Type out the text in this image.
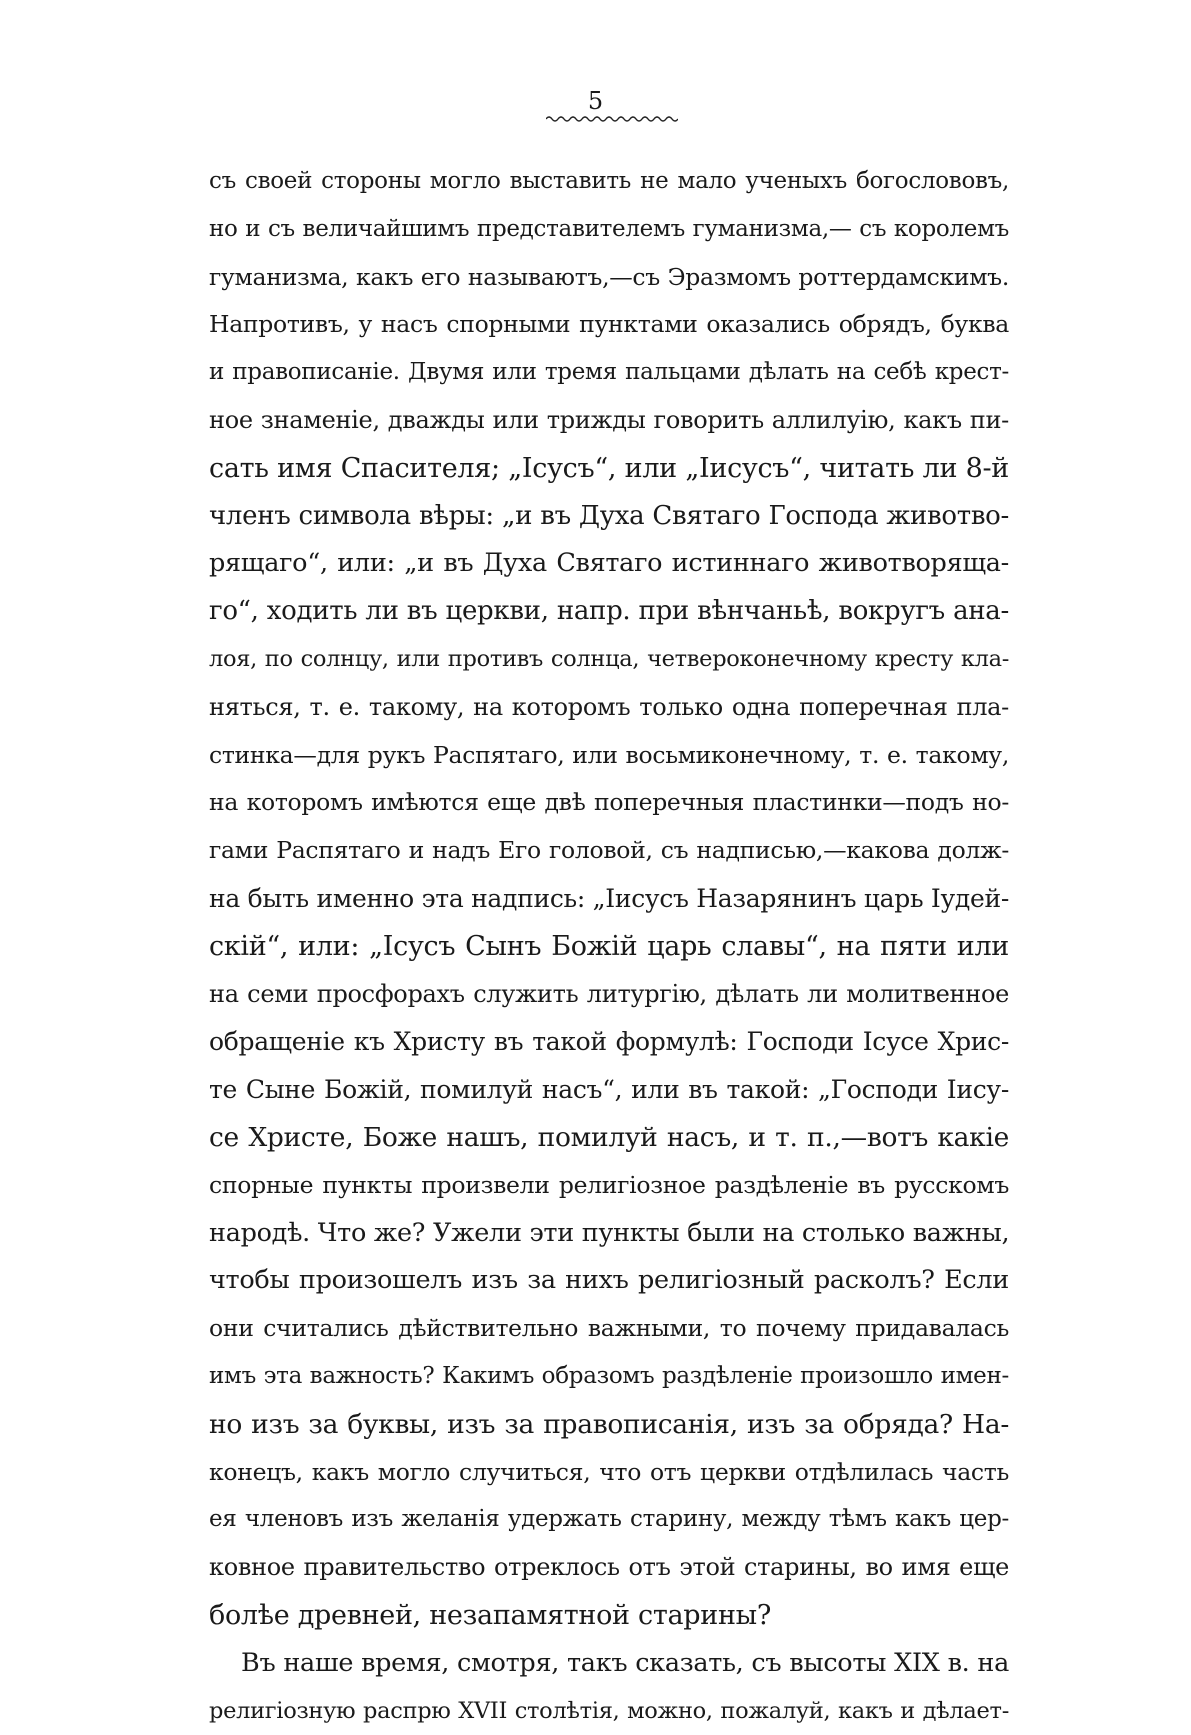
5
съ своей стороны могло выставить не мало ученыхъ богослововъ,
но и съ величайшимъ представителемъ гуманизма,— съ королемъ
гуманизма, какъ его называютъ,—съ Эразмомъ роттердамскимъ.
Напротивъ, у насъ спорными пунктами оказались обрядъ, буква
и правописаніе. Двумя или тремя пальцами дѣлать на себѣ крест-
ное знаменіе, дважды или трижды говорить аллилуію, какъ пи-
сать имя Спасителя; „Ісусъ“, или „Іисусъ“, читать ли 8-й
членъ символа вѣры: „и въ Духа Святаго Господа животво-
рящаго“, или: „и въ Духа Святаго истиннаго животворяща-
го“, ходить ли въ церкви, напр. при вѣнчаньѣ, вокругъ ана-
лоя, по солнцу, или противъ солнца, четвероконечному кресту кла-
няться, т. е. такому, на которомъ только одна поперечная пла-
стинка—для рукъ Распятаго, или восьмиконечному, т. е. такому,
на которомъ имѣются еще двѣ поперечныя пластинки—подъ но-
гами Распятаго и надъ Его головой, съ надписью,—какова долж-
на быть именно эта надпись: „Іисусъ Назарянинъ царь Іудей-
скій“, или: „Ісусъ Сынъ Божій царь славы“, на пяти или
на семи просфорахъ служить литургію, дѣлать ли молитвенное
обращеніе къ Христу въ такой формулѣ: Господи Ісусе Хрис-
те Сыне Божій, помилуй насъ“, или въ такой: „Господи Іису-
се Христе, Боже нашъ, помилуй насъ, и т. п.,—вотъ какіе
спорные пункты произвели религіозное раздѣленіе въ русскомъ
народѣ. Что же? Ужели эти пункты были на столько важны,
чтобы произошелъ изъ за нихъ религіозный расколъ? Если
они считались дѣйствительно важными, то почему придавалась
имъ эта важность? Какимъ образомъ раздѣленіе произошло имен-
но изъ за буквы, изъ за правописанія, изъ за обряда? На-
конецъ, какъ могло случиться, что отъ церкви отдѣлилась часть
ея членовъ изъ желанія удержать старину, между тѣмъ какъ цер-
ковное правительство отреклось отъ этой старины, во имя еще
болѣе древней, незапамятной старины?
Въ наше время, смотря, такъ сказать, съ высоты XIX в. на
религіозную распрю XVII столѣтія, можно, пожалуй, какъ и дѣлает-
